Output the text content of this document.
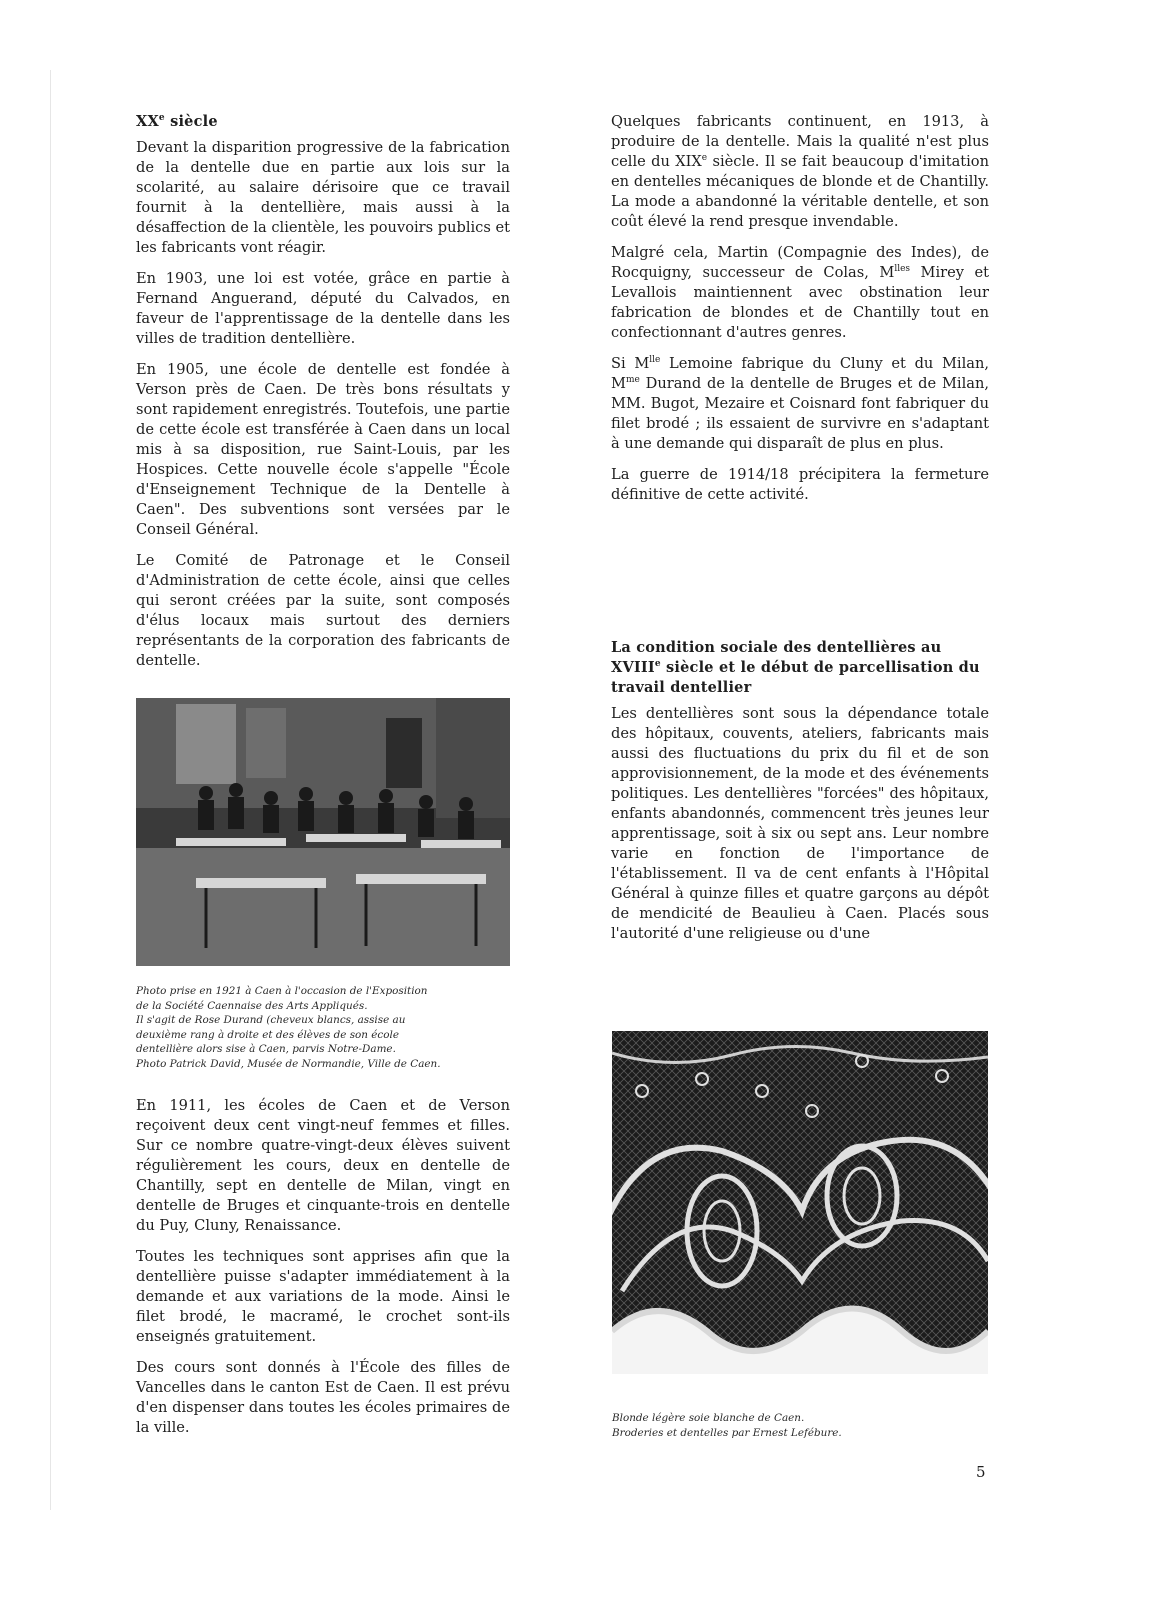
XXe siècle

Devant la disparition progressive de la fabrication de la dentelle due en partie aux lois sur la scolarité, au salaire dérisoire que ce travail fournit à la dentellière, mais aussi à la désaffection de la clientèle, les pouvoirs publics et les fabricants vont réagir.

En 1903, une loi est votée, grâce en partie à Fernand Anguerand, député du Calvados, en faveur de l'apprentissage de la dentelle dans les villes de tradition dentellière.

En 1905, une école de dentelle est fondée à Verson près de Caen. De très bons résultats y sont rapidement enregistrés. Toutefois, une partie de cette école est transférée à Caen dans un local mis à sa disposition, rue Saint-Louis, par les Hospices. Cette nouvelle école s'appelle "École d'Enseignement Technique de la Dentelle à Caen". Des subventions sont versées par le Conseil Général.

Le Comité de Patronage et le Conseil d'Administration de cette école, ainsi que celles qui seront créées par la suite, sont composés d'élus locaux mais surtout des derniers représentants de la corporation des fabricants de dentelle.

Photo prise en 1921 à Caen à l'occasion de l'Exposition
de la Société Caennaise des Arts Appliqués.
Il s'agit de Rose Durand (cheveux blancs, assise au
deuxième rang à droite et des élèves de son école
dentellière alors sise à Caen, parvis Notre-Dame.
Photo Patrick David, Musée de Normandie, Ville de Caen.

En 1911, les écoles de Caen et de Verson reçoivent deux cent vingt-neuf femmes et filles. Sur ce nombre quatre-vingt-deux élèves suivent régulièrement les cours, deux en dentelle de Chantilly, sept en dentelle de Milan, vingt en dentelle de Bruges et cinquante-trois en dentelle du Puy, Cluny, Renaissance.

Toutes les techniques sont apprises afin que la dentellière puisse s'adapter immédiatement à la demande et aux variations de la mode. Ainsi le filet brodé, le macramé, le crochet sont-ils enseignés gratuitement.

Des cours sont donnés à l'École des filles de Vancelles dans le canton Est de Caen. Il est prévu d'en dispenser dans toutes les écoles primaires de la ville.

Quelques fabricants continuent, en 1913, à produire de la dentelle. Mais la qualité n'est plus celle du XIXe siècle. Il se fait beaucoup d'imitation en dentelles mécaniques de blonde et de Chantilly. La mode a abandonné la véritable dentelle, et son coût élevé la rend presque invendable.

Malgré cela, Martin (Compagnie des Indes), de Rocquigny, successeur de Colas, $M^{lles}$ Mirey et Levallois maintiennent avec obstination leur fabrication de blondes et de Chantilly tout en confectionnant d'autres genres.

Si $M^{lle}$ Lemoine fabrique du Cluny et du Milan, $M^{me}$ Durand de la dentelle de Bruges et de Milan, MM. Bugot, Mezaire et Coisnard font fabriquer du filet brodé ; ils essaient de survivre en s'adaptant à une demande qui disparaît de plus en plus.

La guerre de 1914/18 précipitera la fermeture définitive de cette activité.

La condition sociale des dentellières au XVIIIe siècle et le début de parcellisation du travail dentellier

Les dentellières sont sous la dépendance totale des hôpitaux, couvents, ateliers, fabricants mais aussi des fluctuations du prix du fil et de son approvisionnement, de la mode et des événements politiques. Les dentellières "forcées" des hôpitaux, enfants abandonnés, commencent très jeunes leur apprentissage, soit à six ou sept ans. Leur nombre varie en fonction de l'importance de l'établissement. Il va de cent enfants à l'Hôpital Général à quinze filles et quatre garçons au dépôt de mendicité de Beaulieu à Caen. Placés sous l'autorité d'une religieuse ou d'une

Blonde légère soie blanche de Caen.
Broderies et dentelles par Ernest Lefébure.
5
